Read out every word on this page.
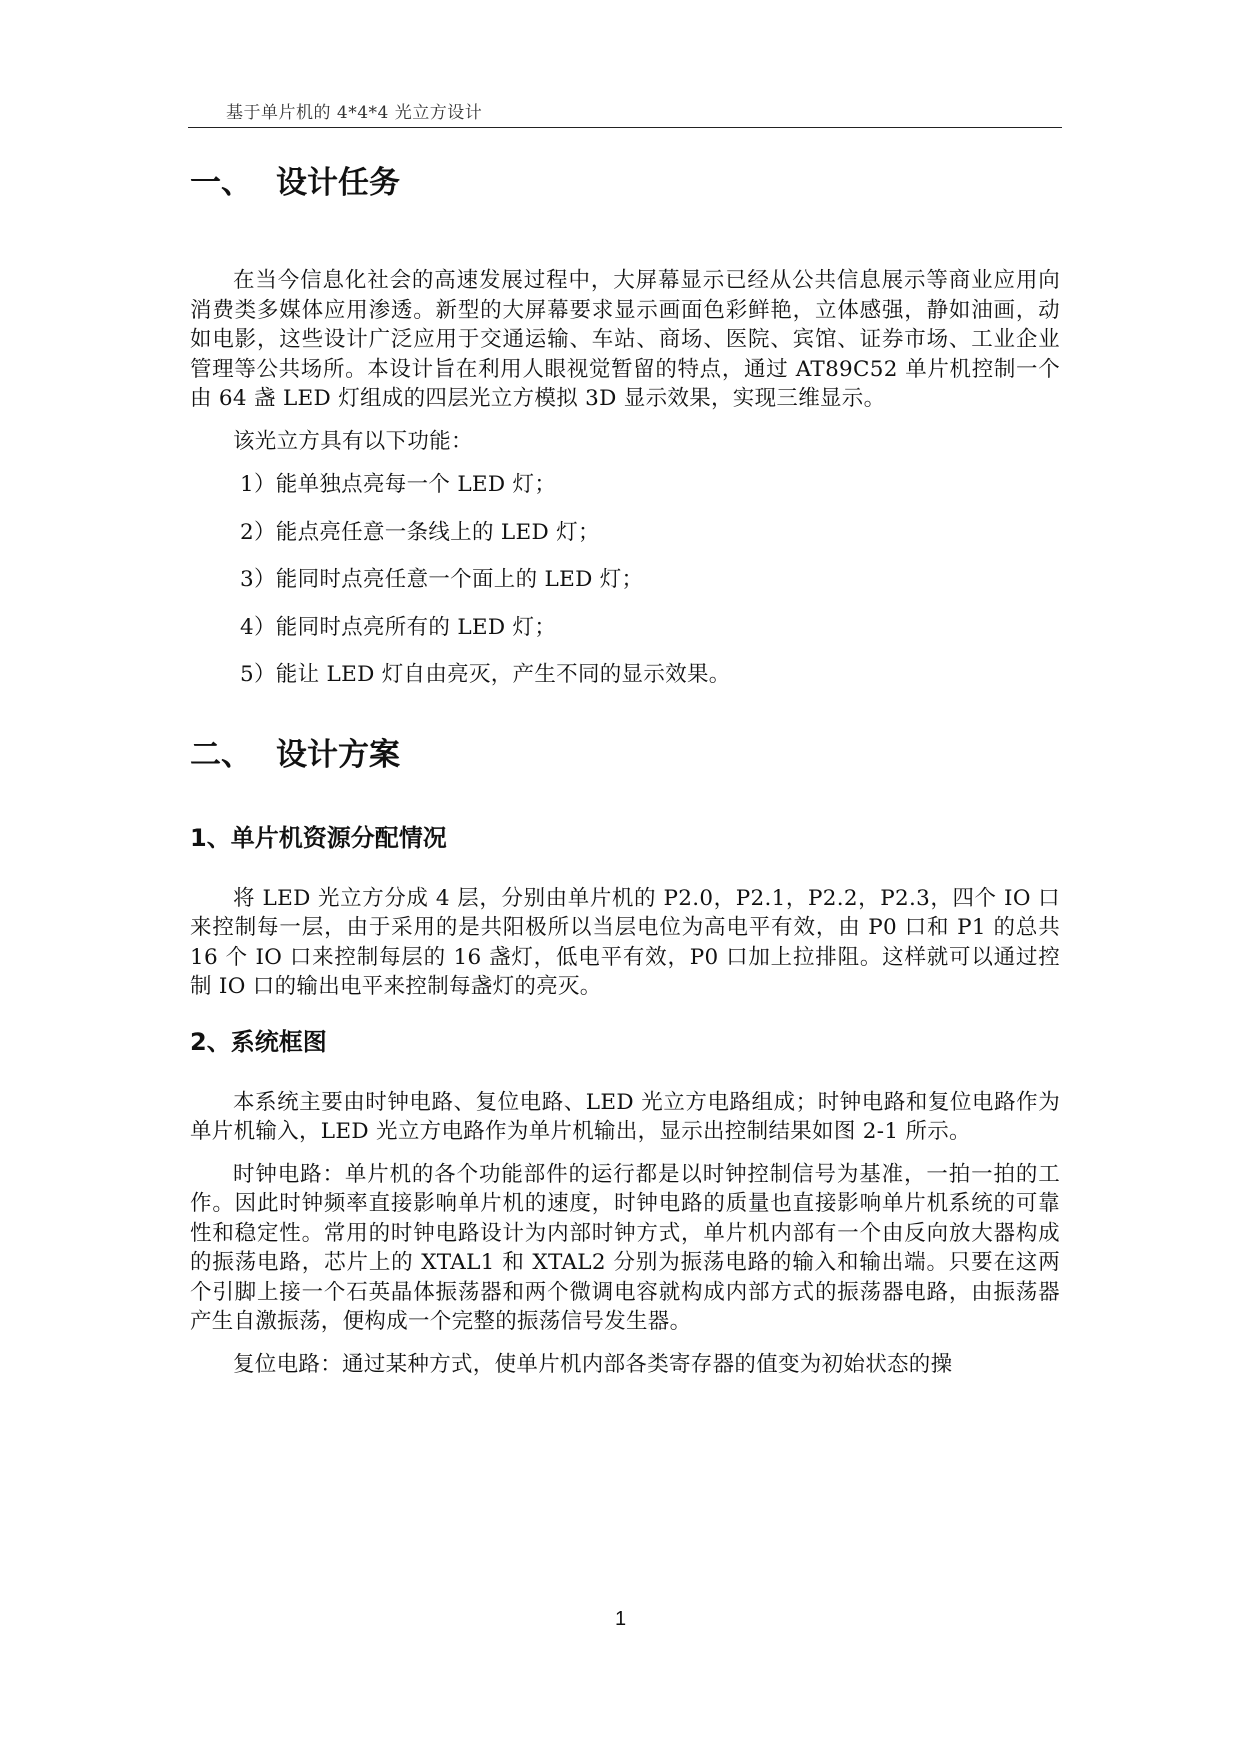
基于单片机的 4*4*4 光立方设计
一、 设计任务

在当今信息化社会的高速发展过程中，大屏幕显示已经从公共信息展示等商业应用向 消费类多媒体应用渗透。新型的大屏幕要求显示画面色彩鲜艳，立体感强，静如油画，动如电影，这些设计广泛应用于交通运输、车站、商场、医院、宾馆、证券市场、工业企业管理等公共场所。本设计旨在利用人眼视觉暂留的特点，通过 AT89C52 单片机控制一个由 64 盏 LED 灯组成的四层光立方模拟 3D 显示效果，实现三维显示。

该光立方具有以下功能：

1）能单独点亮每一个 LED 灯；

2）能点亮任意一条线上的 LED 灯；

3）能同时点亮任意一个面上的 LED 灯；

4）能同时点亮所有的 LED 灯；

5）能让 LED 灯自由亮灭，产生不同的显示效果。

二、 设计方案
1、单片机资源分配情况

将 LED 光立方分成 4 层，分别由单片机的 P2.0，P2.1，P2.2，P2.3，四个 IO 口来控制每一层，由于采用的是共阳极所以当层电位为高电平有效，由 P0 口和 P1 的总共 16 个 IO 口来控制每层的 16 盏灯，低电平有效，P0 口加上拉排阻。这样就可以通过控制 IO 口的输出电平来控制每盏灯的亮灭。

2、系统框图

本系统主要由时钟电路、复位电路、LED 光立方电路组成；时钟电路和复位电路作为单片机输入，LED 光立方电路作为单片机输出，显示出控制结果如图 2-1 所示。

时钟电路：单片机的各个功能部件的运行都是以时钟控制信号为基准，一拍一拍的工作。因此时钟频率直接影响单片机的速度，时钟电路的质量也直接影响单片机系统的可靠性和稳定性。常用的时钟电路设计为内部时钟方式，单片机内部有一个由反向放大器构成的振荡电路，芯片上的 XTAL1 和 XTAL2 分别为振荡电路的输入和输出端。只要在这两个引脚上接一个石英晶体振荡器和两个微调电容就构成内部方式的振荡器电路，由振荡器产生自激振荡，便构成一个完整的振荡信号发生器。

复位电路：通过某种方式，使单片机内部各类寄存器的值变为初始状态的操

1
